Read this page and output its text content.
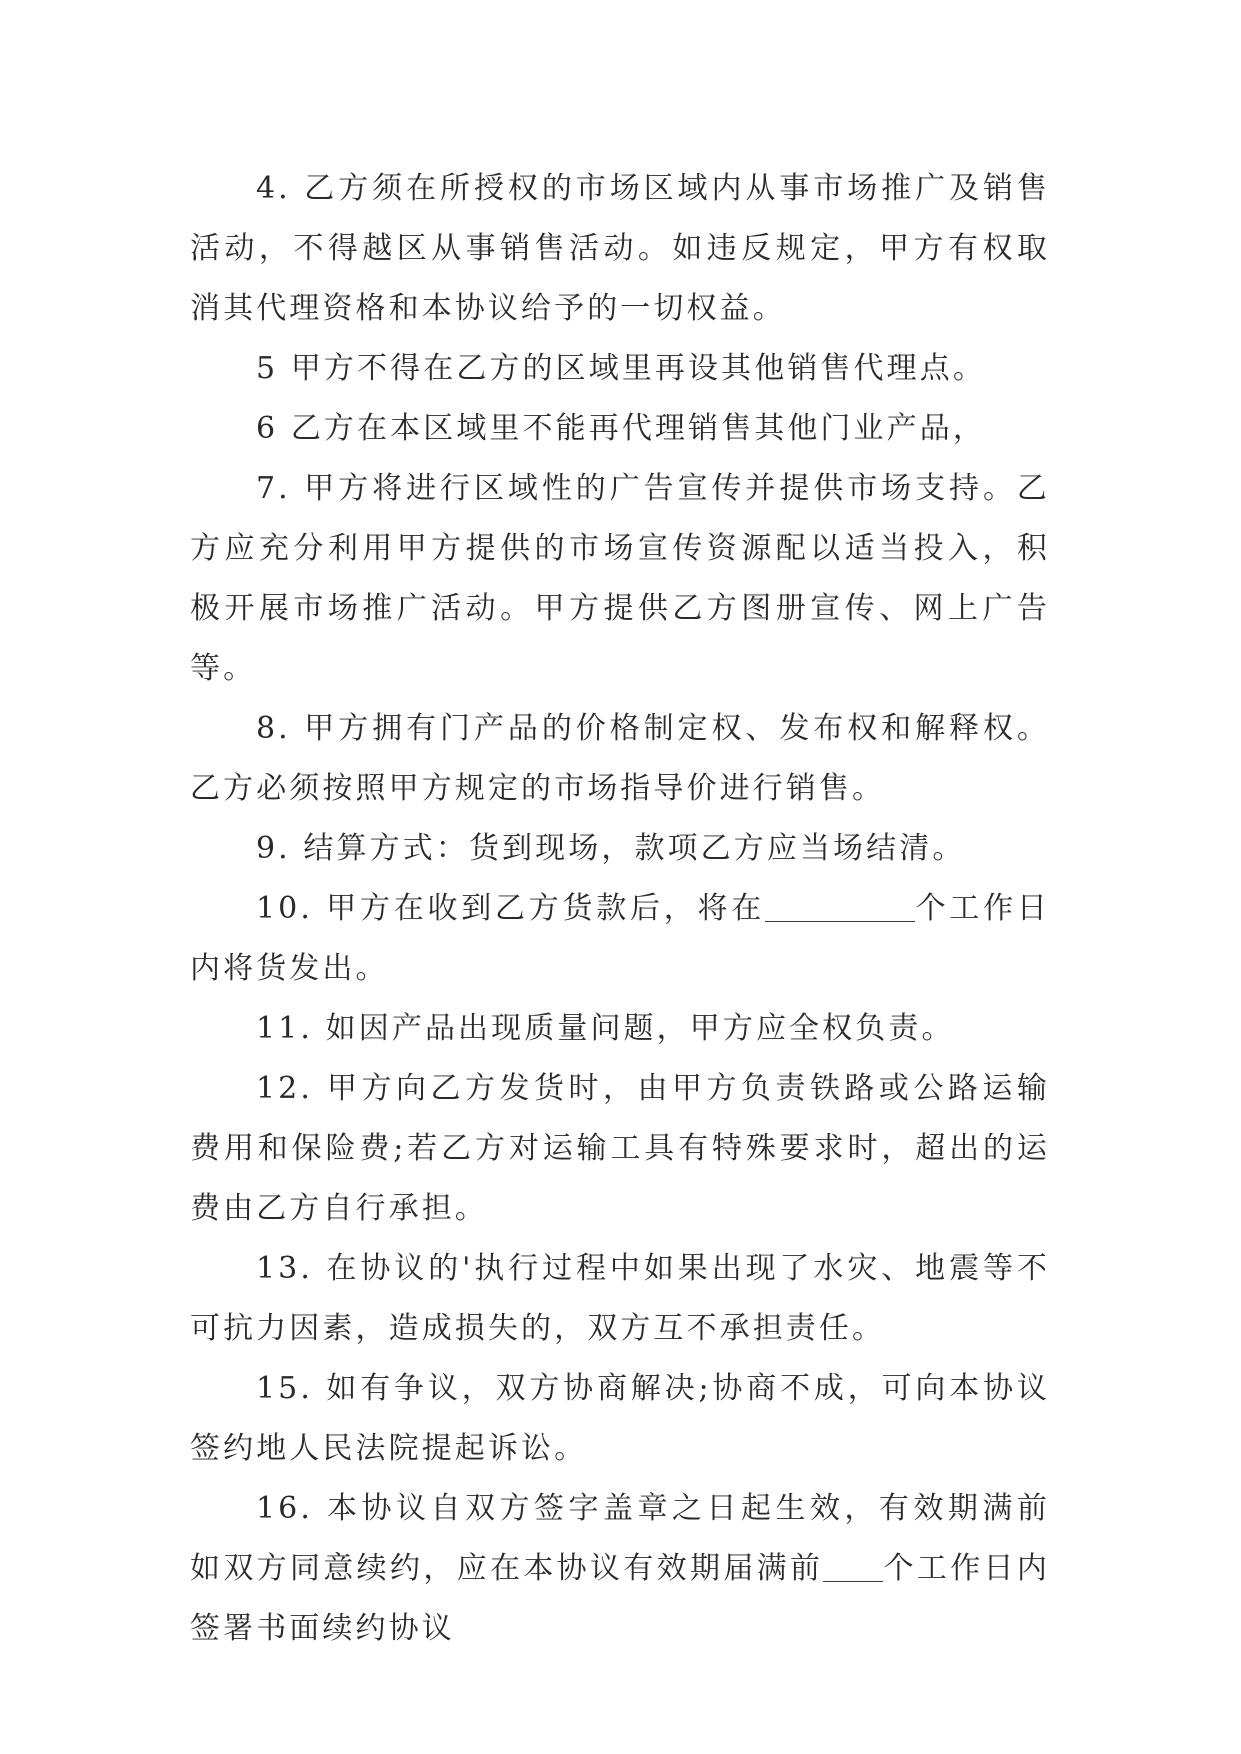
4. 乙方须在所授权的市场区域内从事市场推广及销售活动，不得越区从事销售活动。如违反规定，甲方有权取消其代理资格和本协议给予的一切权益。

5 甲方不得在乙方的区域里再设其他销售代理点。

6 乙方在本区域里不能再代理销售其他门业产品，

7. 甲方将进行区域性的广告宣传并提供市场支持。乙方应充分利用甲方提供的市场宣传资源配以适当投入，积极开展市场推广活动。甲方提供乙方图册宣传、网上广告等。

8. 甲方拥有门产品的价格制定权、发布权和解释权。乙方必须按照甲方规定的市场指导价进行销售。

9. 结算方式：货到现场，款项乙方应当场结清。

10. 甲方在收到乙方货款后，将在	个工作日内将货发出。

11. 如因产品出现质量问题，甲方应全权负责。

12. 甲方向乙方发货时，由甲方负责铁路或公路运输费用和保险费;若乙方对运输工具有特殊要求时，超出的运费由乙方自行承担。

13. 在协议的'执行过程中如果出现了水灾、地震等不可抗力因素，造成损失的，双方互不承担责任。

15. 如有争议，双方协商解决;协商不成，可向本协议签约地人民法院提起诉讼。

16. 本协议自双方签字盖章之日起生效，有效期满前如双方同意续约，应在本协议有效期届满前 个工作日内签署书面续约协议
